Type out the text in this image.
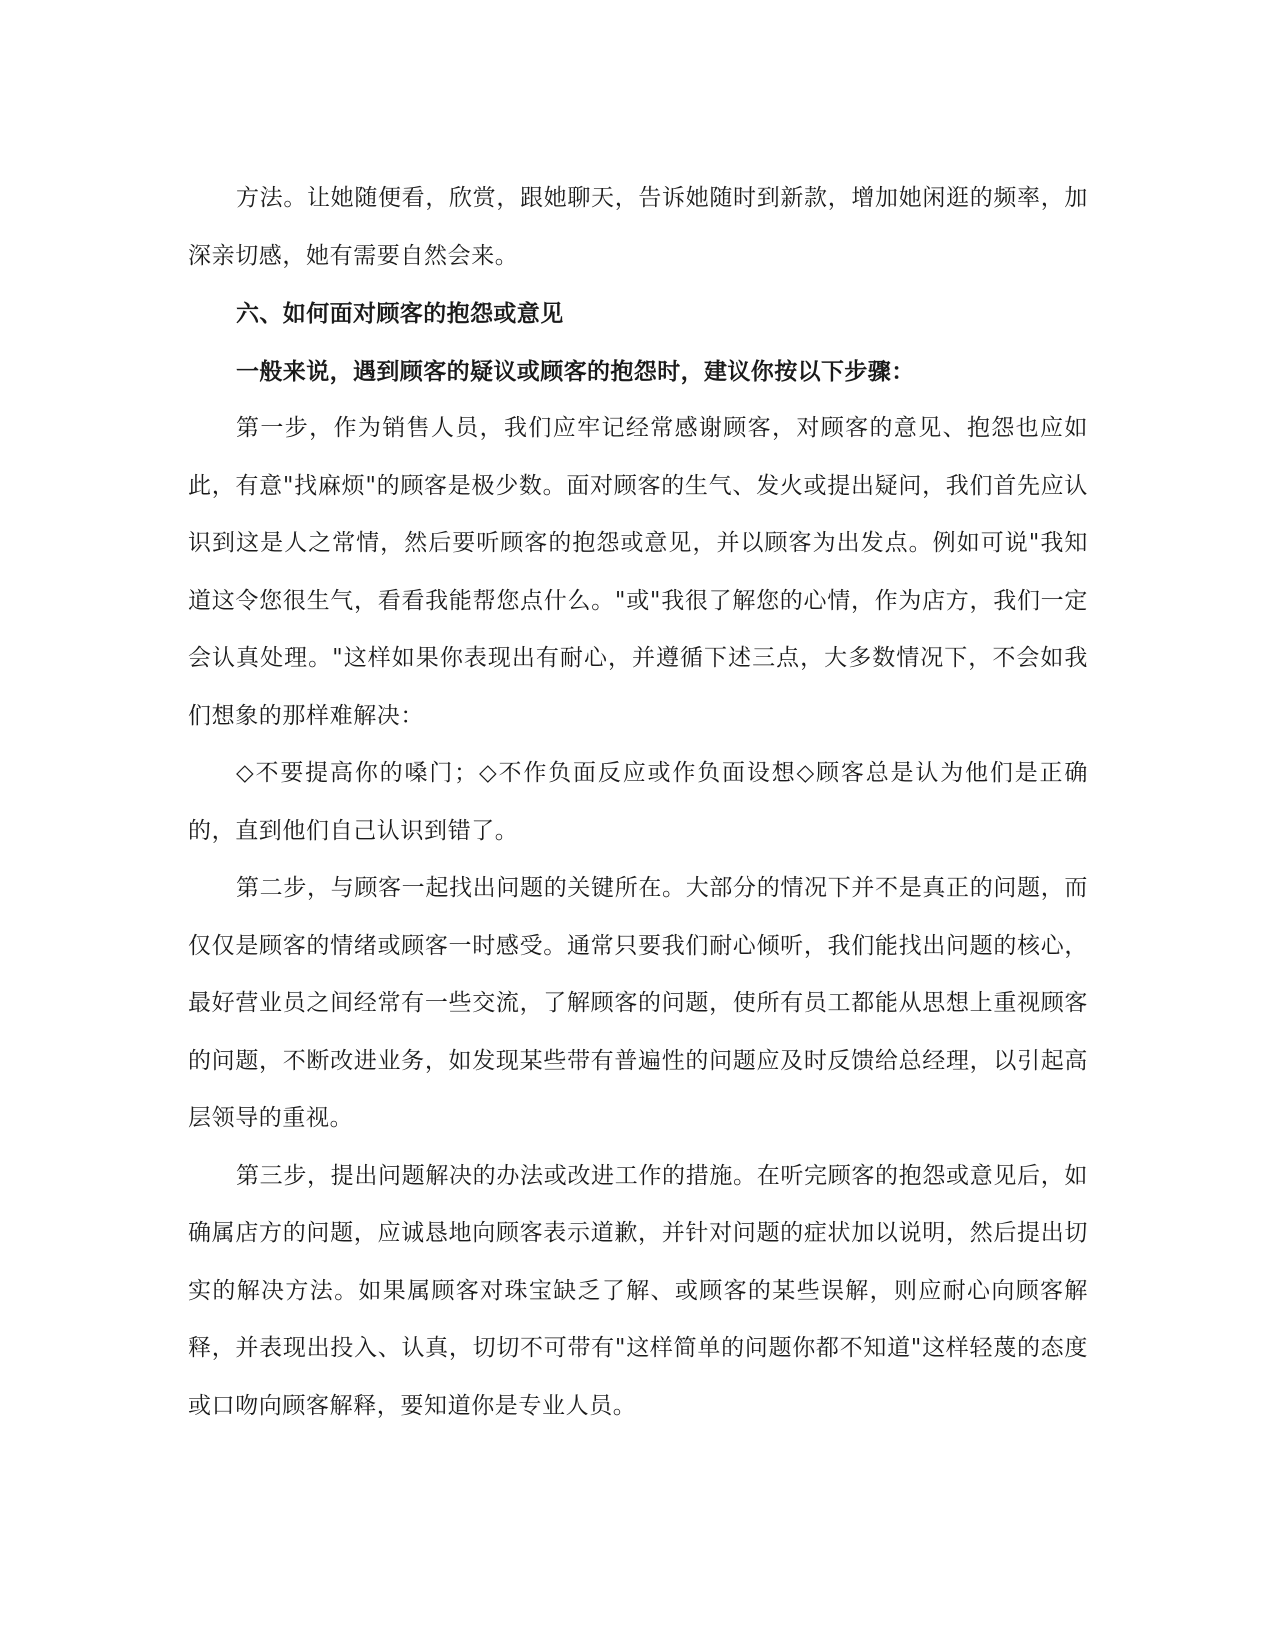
方法。让她随便看，欣赏，跟她聊天，告诉她随时到新款，增加她闲逛的频率，加深亲切感，她有需要自然会来。

六、如何面对顾客的抱怨或意见

一般来说，遇到顾客的疑议或顾客的抱怨时，建议你按以下步骤：

第一步，作为销售人员，我们应牢记经常感谢顾客，对顾客的意见、抱怨也应如此，有意"找麻烦"的顾客是极少数。面对顾客的生气、发火或提出疑问，我们首先应认识到这是人之常情，然后要听顾客的抱怨或意见，并以顾客为出发点。例如可说"我知道这令您很生气，看看我能帮您点什么。"或"我很了解您的心情，作为店方，我们一定会认真处理。"这样如果你表现出有耐心，并遵循下述三点，大多数情况下，不会如我们想象的那样难解决：

◇不要提高你的嗓门；◇不作负面反应或作负面设想◇顾客总是认为他们是正确的，直到他们自己认识到错了。

第二步，与顾客一起找出问题的关键所在。大部分的情况下并不是真正的问题，而仅仅是顾客的情绪或顾客一时感受。通常只要我们耐心倾听，我们能找出问题的核心，最好营业员之间经常有一些交流，了解顾客的问题，使所有员工都能从思想上重视顾客的问题，不断改进业务，如发现某些带有普遍性的问题应及时反馈给总经理，以引起高层领导的重视。

第三步，提出问题解决的办法或改进工作的措施。在听完顾客的抱怨或意见后，如确属店方的问题，应诚恳地向顾客表示道歉，并针对问题的症状加以说明，然后提出切实的解决方法。如果属顾客对珠宝缺乏了解、或顾客的某些误解，则应耐心向顾客解释，并表现出投入、认真，切切不可带有"这样简单的问题你都不知道"这样轻蔑的态度或口吻向顾客解释，要知道你是专业人员。
